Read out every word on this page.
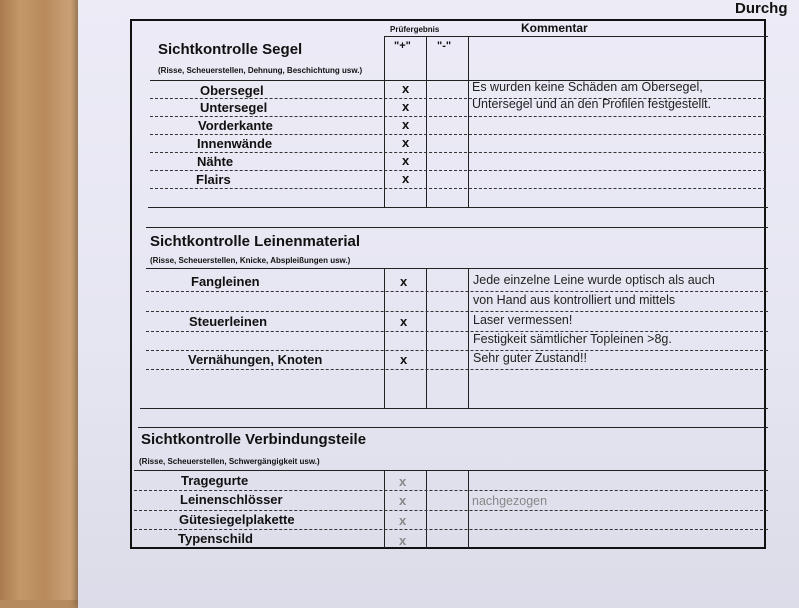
Durchg
Prüfergebnis	Kommentar
"+" "-"
Sichtkontrolle Segel
(Risse, Scheuerstellen, Dehnung, Beschichtung usw.)
Obersegel	x	Es wurden keine Schäden am Obersegel,
Untersegel	x	Untersegel und an den Profilen festgestellt.
Vorderkante	x
Innenwände	x
Nähte	x
Flairs	x
Sichtkontrolle Leinenmaterial
(Risse, Scheuerstellen, Knicke, Abspleißungen usw.)
Fangleinen	x	Jede einzelne Leine wurde optisch als auch
von Hand aus kontrolliert und mittels
Steuerleinen	x	Laser vermessen!
Festigkeit sämtlicher Topleinen >8g.
Vernähungen, Knoten	x	Sehr guter Zustand!!
Sichtkontrolle Verbindungsteile
(Risse, Scheuerstellen, Schwergängigkeit usw.)
Tragegurte	x
Leinenschlösser	x	nachgezogen
Gütesiegelplakette	x
Typenschild	x
